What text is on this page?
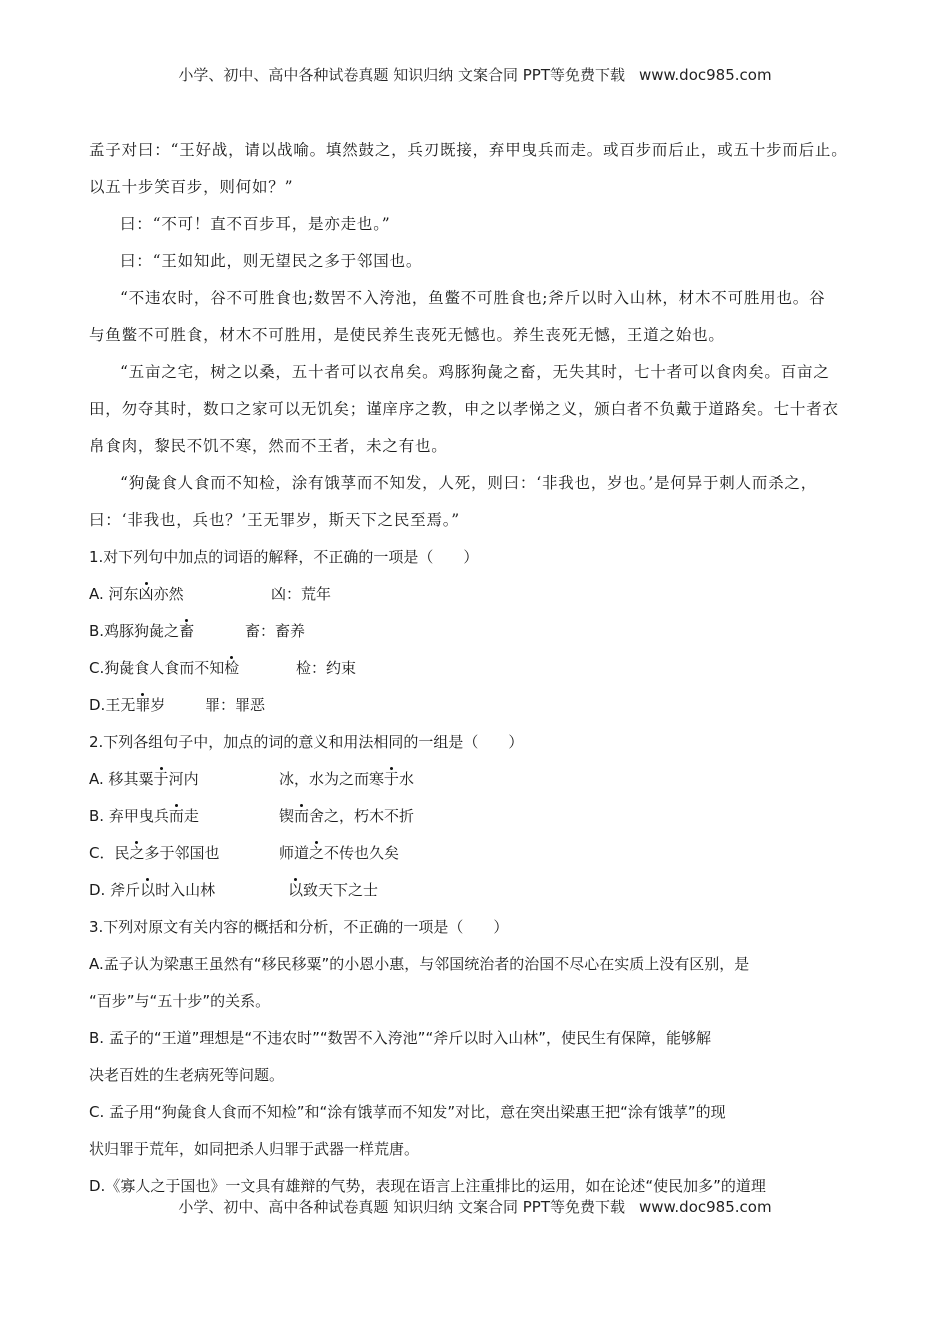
小学、初中、高中各种试卷真题 知识归纳 文案合同 PPT等免费下载 www.doc985.com
孟子对曰：“王好战，请以战喻。填然鼓之，兵刃既接，弃甲曳兵而走。或百步而后止，或五十步而后止。
以五十步笑百步，则何如？”
曰：“不可！直不百步耳，是亦走也。”
曰：“王如知此，则无望民之多于邻国也。
“不违农时，谷不可胜食也;数罟不入洿池，鱼鳖不可胜食也;斧斤以时入山林，材木不可胜用也。谷
与鱼鳖不可胜食，材木不可胜用，是使民养生丧死无憾也。养生丧死无憾，王道之始也。
“五亩之宅，树之以桑，五十者可以衣帛矣。鸡豚狗彘之畜，无失其时，七十者可以食肉矣。百亩之
田，勿夺其时，数口之家可以无饥矣；谨庠序之教，申之以孝悌之义，颁白者不负戴于道路矣。七十者衣
帛食肉，黎民不饥不寒，然而不王者，未之有也。
“狗彘食人食而不知检，涂有饿莩而不知发，人死，则曰：‘非我也，岁也。’是何异于刺人而杀之，
曰：‘非我也，兵也？’王无罪岁，斯天下之民至焉。”
1.对下列句中加点的词语的解释，不正确的一项是（　　）
A. 河东凶亦然	凶：荒年
B.鸡豚狗彘之畜	畜：畜养
C.狗彘食人食而不知检	检：约束
D.王无罪岁	罪：罪恶
2.下列各组句子中，加点的词的意义和用法相同的一组是（　　）
A. 移其粟于河内	冰，水为之而寒于水
B. 弃甲曳兵而走	锲而舍之，朽木不折
C．民之多于邻国也	师道之不传也久矣
D. 斧斤以时入山林	以致天下之士
3.下列对原文有关内容的概括和分析，不正确的一项是（　　）
A.孟子认为梁惠王虽然有“移民移粟”的小恩小惠，与邻国统治者的治国不尽心在实质上没有区别，是
“百步”与“五十步”的关系。
B. 孟子的“王道”理想是“不违农时”“数罟不入洿池”“斧斤以时入山林”，使民生有保障，能够解
决老百姓的生老病死等问题。
C. 孟子用“狗彘食人食而不知检”和“涂有饿莩而不知发”对比，意在突出梁惠王把“涂有饿莩”的现
状归罪于荒年，如同把杀人归罪于武器一样荒唐。
D.《寡人之于国也》一文具有雄辩的气势，表现在语言上注重排比的运用，如在论述“使民加多”的道理
小学、初中、高中各种试卷真题 知识归纳 文案合同 PPT等免费下载 www.doc985.com
